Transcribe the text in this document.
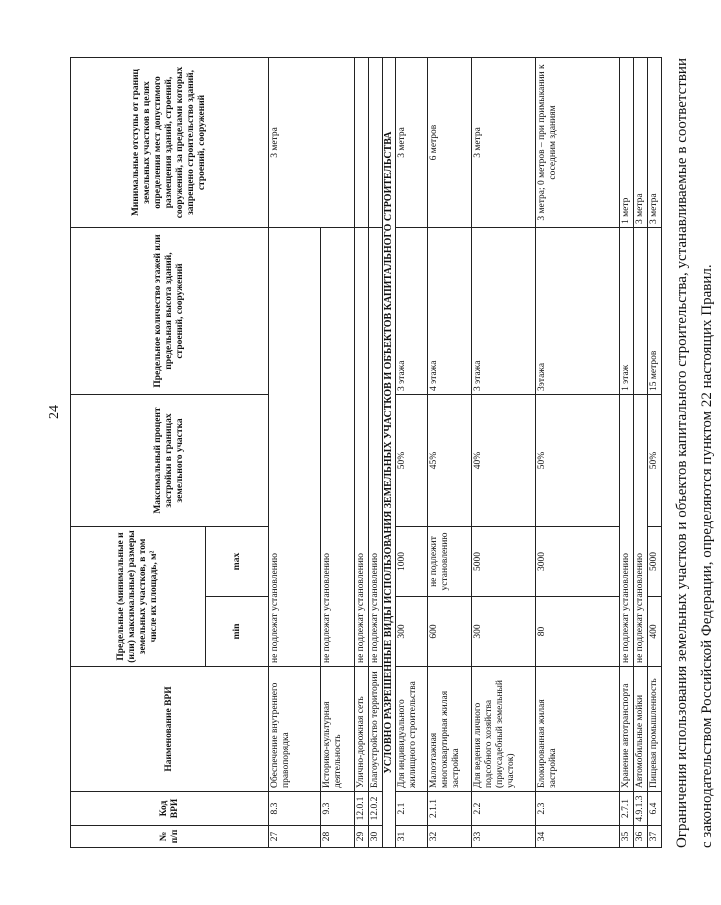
24
№ п/п	Код ВРИ	Наименование ВРИ	Предельные (минимальные и (или) максимальные) размеры земельных участков, в том числе их площадь, м²		Максимальный процент застройки в границах земельного участка	Предельное количество этажей или предельная высота зданий, строений, сооружений	Минимальные отступы от границ земельных участков в целях определения мест допустимого размещения зданий, строений, сооружений, за пределами которых запрещено строительство зданий, строений, сооружений
			min	max			
27	8.3	Обеспечение внутреннего правопорядка	не подлежат установлению				3 метра
28	9.3	Историко-культурная деятельность	не подлежат установлению				
29	12.0.1	Улично-дорожная сеть	не подлежат установлению				
30	12.0.2	Благоустройство территории	не подлежат установлению				
УСЛОВНО РАЗРЕШЕННЫЕ ВИДЫ ИСПОЛЬЗОВАНИЯ ЗЕМЕЛЬНЫХ УЧАСТКОВ И ОБЪЕКТОВ КАПИТАЛЬНОГО СТРОИТЕЛЬСТВА							
31	2.1	Для индивидуального жилищного строительства	300	1000	50%	3 этажа	3 метра
32	2.1.1	Малоэтажная многоквартирная жилая застройка	600	не подлежит установлению	45%	4 этажа	6 метров
33	2.2	Для ведения личного подсобного хозяйства (приусадебный земельный участок)	300	5000	40%	3 этажа	3 метра
34	2.3	Блокированная жилая застройка	80	3000	50%	3этажа	3 метра; 0 метров – при примыкании к соседним зданиям
35	2.7.1	Хранение автотранспорта	не подлежат установлению			1 этаж	1 метр
36	4.9.1.3	Автомобильные мойки	не подлежат установлению				3 метра
37	6.4	Пищевая промышленность	400	5000	50%	15 метров	3 метра Ограничения использования земельных участков и объектов капитального строительства, устанавливаемые в соответствии с законодательством Российской Федерации, определяются пунктом 22 настоящих Правил.
